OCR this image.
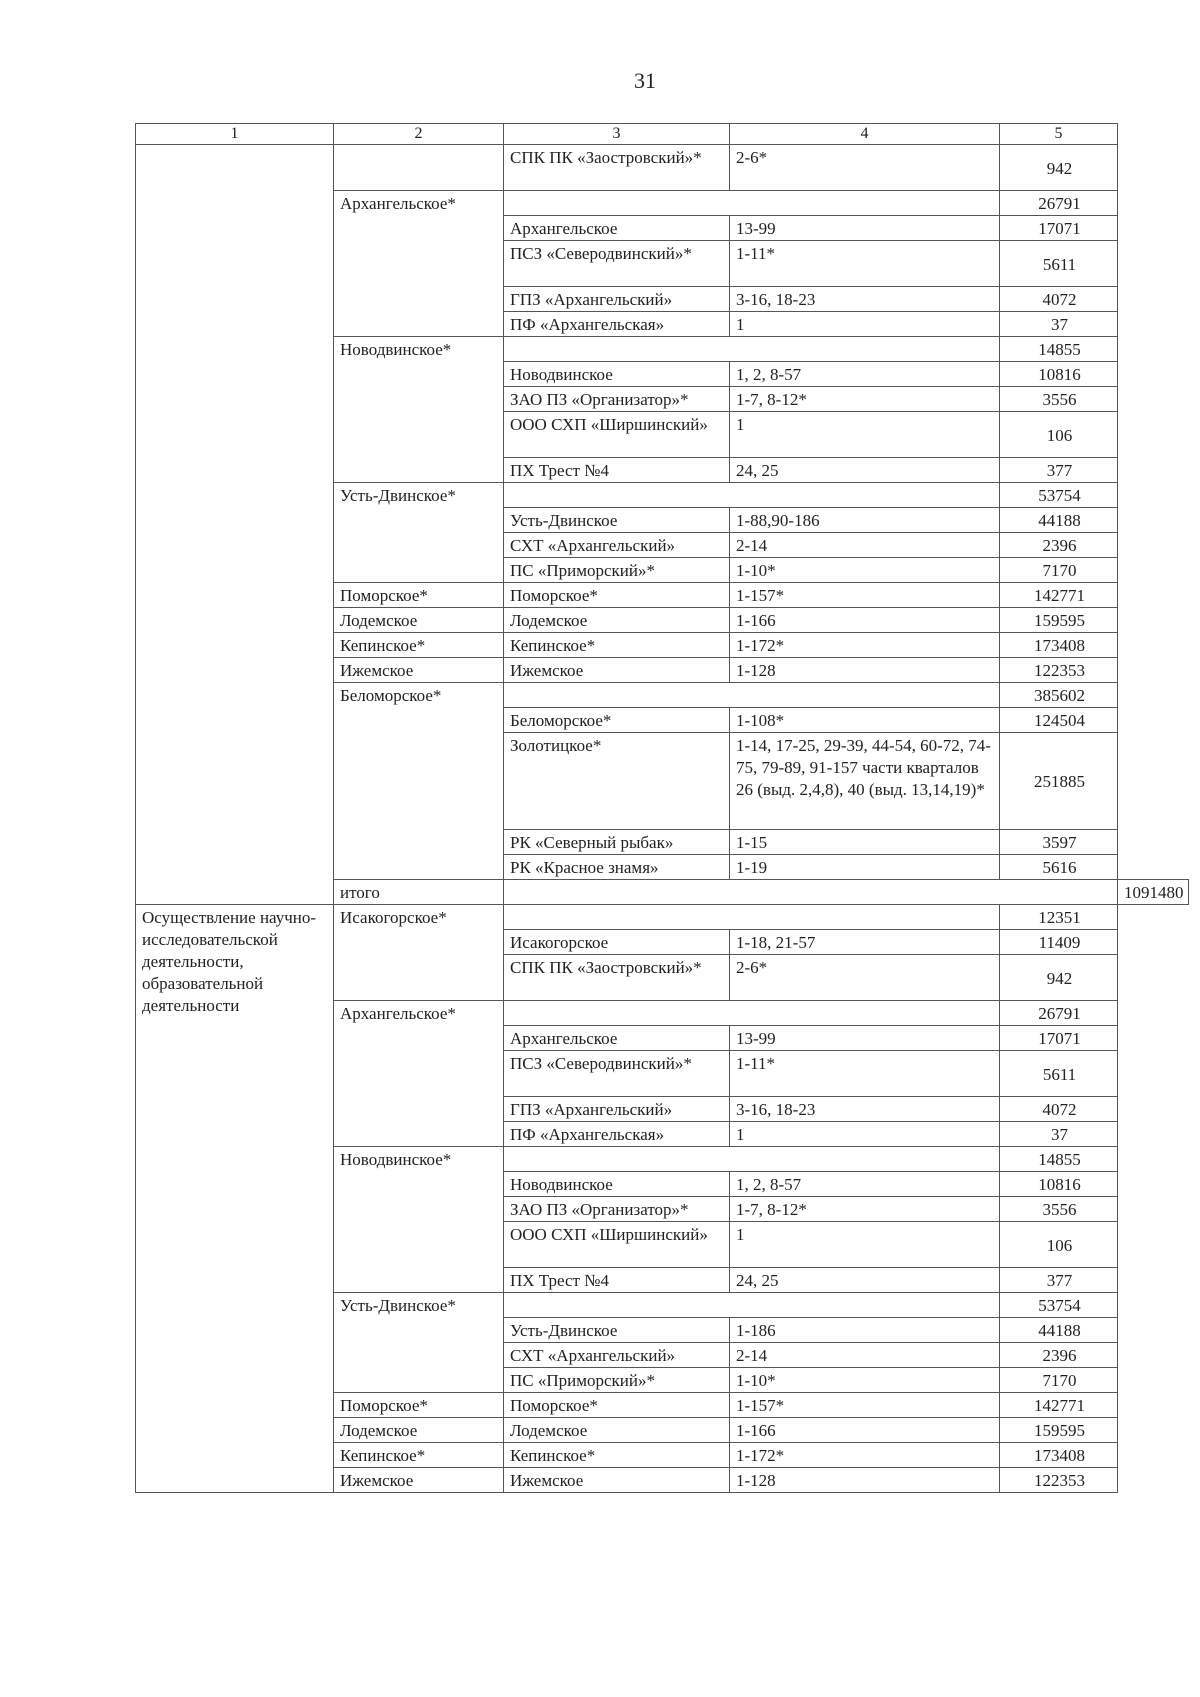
31
1	2	3	4	5	
		СПК ПК «Заостровский»*	2-6*	942	
	Архангельское*			26791	
		Архангельское	13-99	17071	
		ПСЗ «Северодвинский»*	1-11*	5611	
		ГПЗ «Архангельский»	3-16, 18-23	4072	
		ПФ «Архангельская»	1	37	
	Новодвинское*			14855	
		Новодвинское	1, 2, 8-57	10816	
		ЗАО ПЗ «Организатор»*	1-7, 8-12*	3556	
		ООО СХП «Ширшинский»	1	106	
		ПХ Трест №4	24, 25	377	
	Усть-Двинское*			53754	
		Усть-Двинское	1-88,90-186	44188	
		СХТ «Архангельский»	2-14	2396	
		ПС «Приморский»*	1-10*	7170	
	Поморское*	Поморское*	1-157*	142771	
	Лодемское	Лодемское	1-166	159595	
	Кепинское*	Кепинское*	1-172*	173408	
	Ижемское	Ижемское	1-128	122353	
	Беломорское*			385602	
		Беломорское*	1-108*	124504	
		Золотицкое*	1-14, 17-25, 29-39, 44-54, 60-72, 74-75, 79-89, 91-157 части кварталов 26 (выд. 2,4,8), 40 (выд. 13,14,19)*	251885	
		РК «Северный рыбак»	1-15	3597	
		РК «Красное знамя»	1-19	5616	
	итого				1091480
Осуществление научно-исследовательской деятельности, образовательной деятельности	Исакогорское*			12351	
		Исакогорское	1-18, 21-57	11409	
		СПК ПК «Заостровский»*	2-6*	942	
	Архангельское*			26791	
		Архангельское	13-99	17071	
		ПСЗ «Северодвинский»*	1-11*	5611	
		ГПЗ «Архангельский»	3-16, 18-23	4072	
		ПФ «Архангельская»	1	37	
	Новодвинское*			14855	
		Новодвинское	1, 2, 8-57	10816	
		ЗАО ПЗ «Организатор»*	1-7, 8-12*	3556	
		ООО СХП «Ширшинский»	1	106	
		ПХ Трест №4	24, 25	377	
	Усть-Двинское*			53754	
		Усть-Двинское	1-186	44188	
		СХТ «Архангельский»	2-14	2396	
		ПС «Приморский»*	1-10*	7170	
	Поморское*	Поморское*	1-157*	142771	
	Лодемское	Лодемское	1-166	159595	
	Кепинское*	Кепинское*	1-172*	173408	
	Ижемское	Ижемское	1-128	122353	
